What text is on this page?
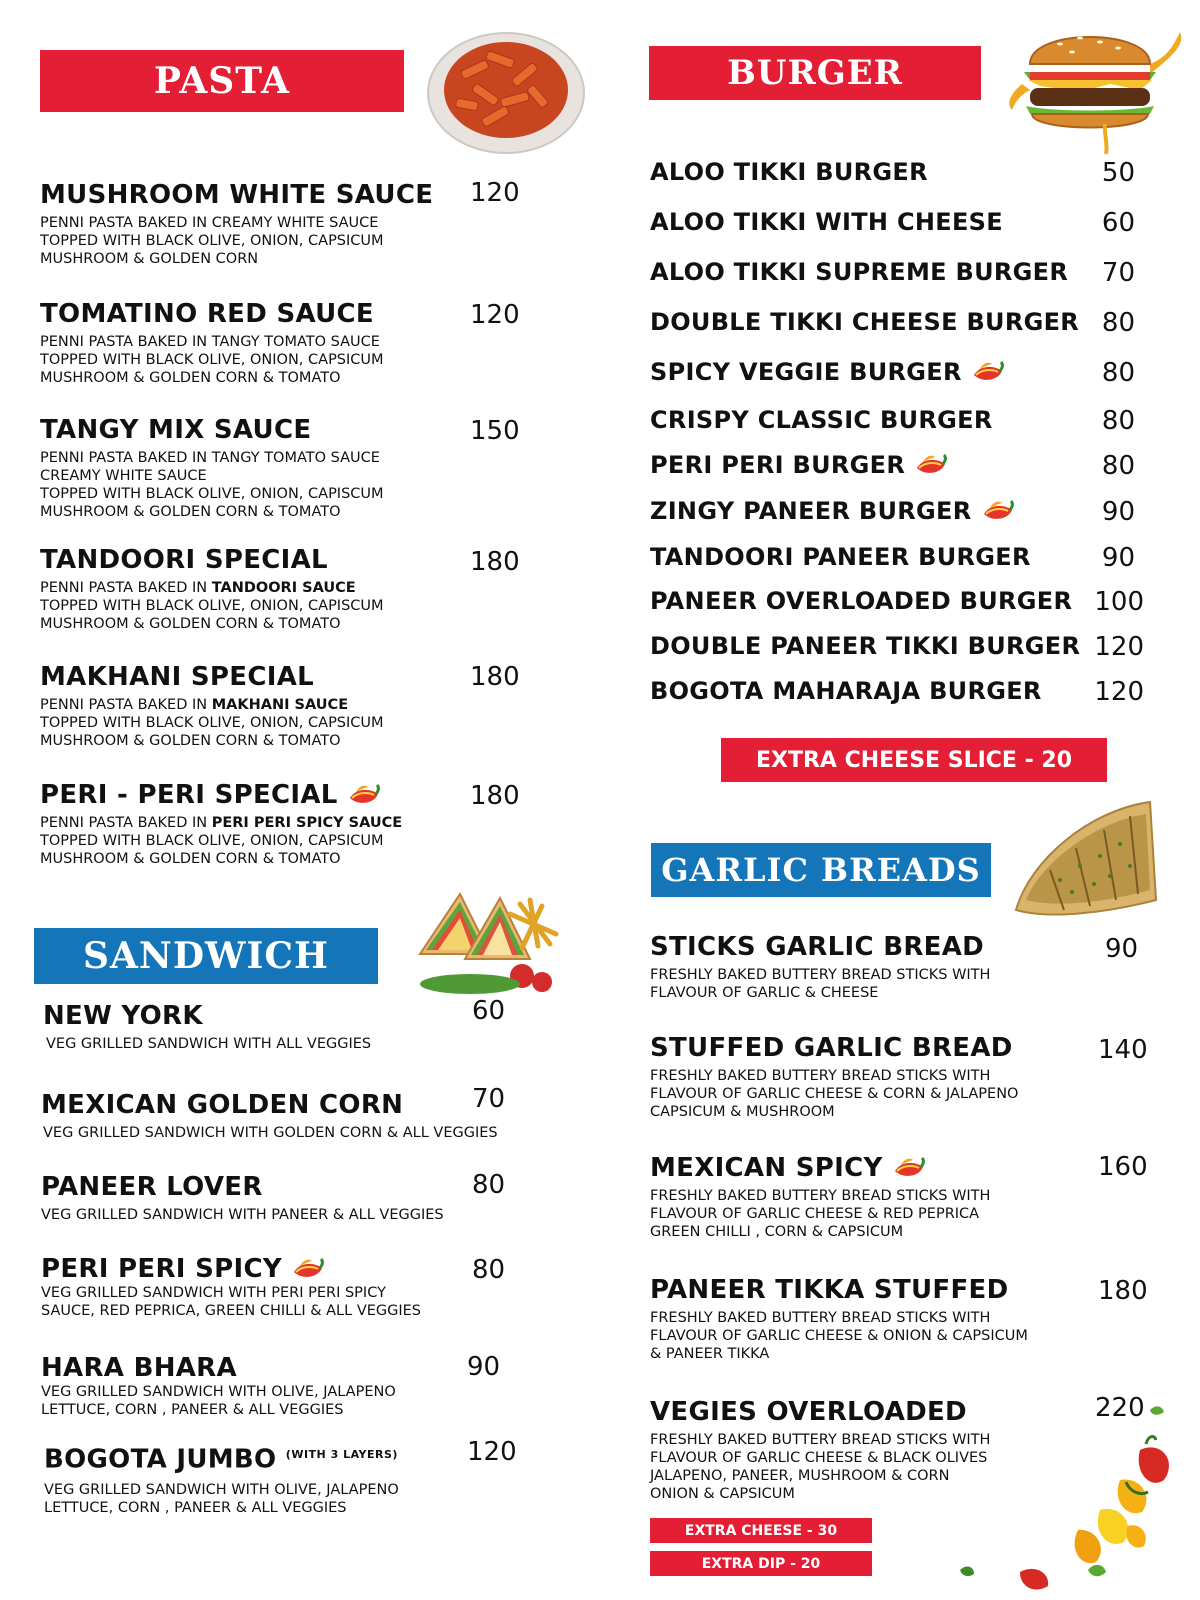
PASTA
MUSHROOM WHITE SAUCE
PENNI PASTA BAKED IN CREAMY WHITE SAUCE
TOPPED WITH BLACK OLIVE, ONION, CAPSICUM
MUSHROOM & GOLDEN CORN
120
TOMATINO RED SAUCE
PENNI PASTA BAKED IN TANGY TOMATO SAUCE
TOPPED WITH BLACK OLIVE, ONION, CAPSICUM
MUSHROOM & GOLDEN CORN & TOMATO
120
TANGY MIX SAUCE
PENNI PASTA BAKED IN TANGY TOMATO SAUCE
CREAMY WHITE SAUCE
TOPPED WITH BLACK OLIVE, ONION, CAPISCUM
MUSHROOM & GOLDEN CORN & TOMATO
150
TANDOORI SPECIAL
PENNI PASTA BAKED IN TANDOORI SAUCE
TOPPED WITH BLACK OLIVE, ONION, CAPISCUM
MUSHROOM & GOLDEN CORN & TOMATO
180
MAKHANI SPECIAL
PENNI PASTA BAKED IN MAKHANI SAUCE
TOPPED WITH BLACK OLIVE, ONION, CAPSICUM
MUSHROOM & GOLDEN CORN & TOMATO
180
PERI - PERI SPECIAL
PENNI PASTA BAKED IN PERI PERI SPICY SAUCE
TOPPED WITH BLACK OLIVE, ONION, CAPSICUM
MUSHROOM & GOLDEN CORN & TOMATO
180
SANDWICH
NEW YORK
VEG GRILLED SANDWICH WITH ALL VEGGIES
60
MEXICAN GOLDEN CORN
VEG GRILLED SANDWICH WITH GOLDEN CORN & ALL VEGGIES
70
PANEER LOVER
VEG GRILLED SANDWICH WITH PANEER & ALL VEGGIES
80
PERI PERI SPICY
VEG GRILLED SANDWICH WITH PERI PERI SPICY
SAUCE, RED PEPRICA, GREEN CHILLI & ALL VEGGIES
80
HARA BHARA
VEG GRILLED SANDWICH WITH OLIVE, JALAPENO
LETTUCE, CORN , PANEER & ALL VEGGIES
90
BOGOTA JUMBO $^{(WITH 3 LAYERS)}$
VEG GRILLED SANDWICH WITH OLIVE, JALAPENO
LETTUCE, CORN , PANEER & ALL VEGGIES
120
BURGER
ALOO TIKKI BURGER	50
ALOO TIKKI WITH CHEESE	60
ALOO TIKKI SUPREME BURGER 70
DOUBLE TIKKI CHEESE BURGER 80
SPICY VEGGIE BURGER	80
CRISPY CLASSIC BURGER	80
PERI PERI BURGER	80
ZINGY PANEER BURGER	90
TANDOORI PANEER BURGER	90
PANEER OVERLOADED BURGER 100
DOUBLE PANEER TIKKI BURGER 120
BOGOTA MAHARAJA BURGER 120
EXTRA CHEESE SLICE - 20
GARLIC BREADS
STICKS GARLIC BREAD
FRESHLY BAKED BUTTERY BREAD STICKS WITH
FLAVOUR OF GARLIC & CHEESE
90
STUFFED GARLIC BREAD
FRESHLY BAKED BUTTERY BREAD STICKS WITH
FLAVOUR OF GARLIC CHEESE & CORN & JALAPENO
CAPSICUM & MUSHROOM
140
MEXICAN SPICY
FRESHLY BAKED BUTTERY BREAD STICKS WITH
FLAVOUR OF GARLIC CHEESE & RED PEPRICA
GREEN CHILLI , CORN & CAPSICUM
160
PANEER TIKKA STUFFED
FRESHLY BAKED BUTTERY BREAD STICKS WITH
FLAVOUR OF GARLIC CHEESE & ONION & CAPSICUM
& PANEER TIKKA
180
VEGIES OVERLOADED
FRESHLY BAKED BUTTERY BREAD STICKS WITH
FLAVOUR OF GARLIC CHEESE & BLACK OLIVES
JALAPENO, PANEER, MUSHROOM & CORN
ONION & CAPSICUM
220
EXTRA CHEESE - 30
EXTRA DIP - 20
